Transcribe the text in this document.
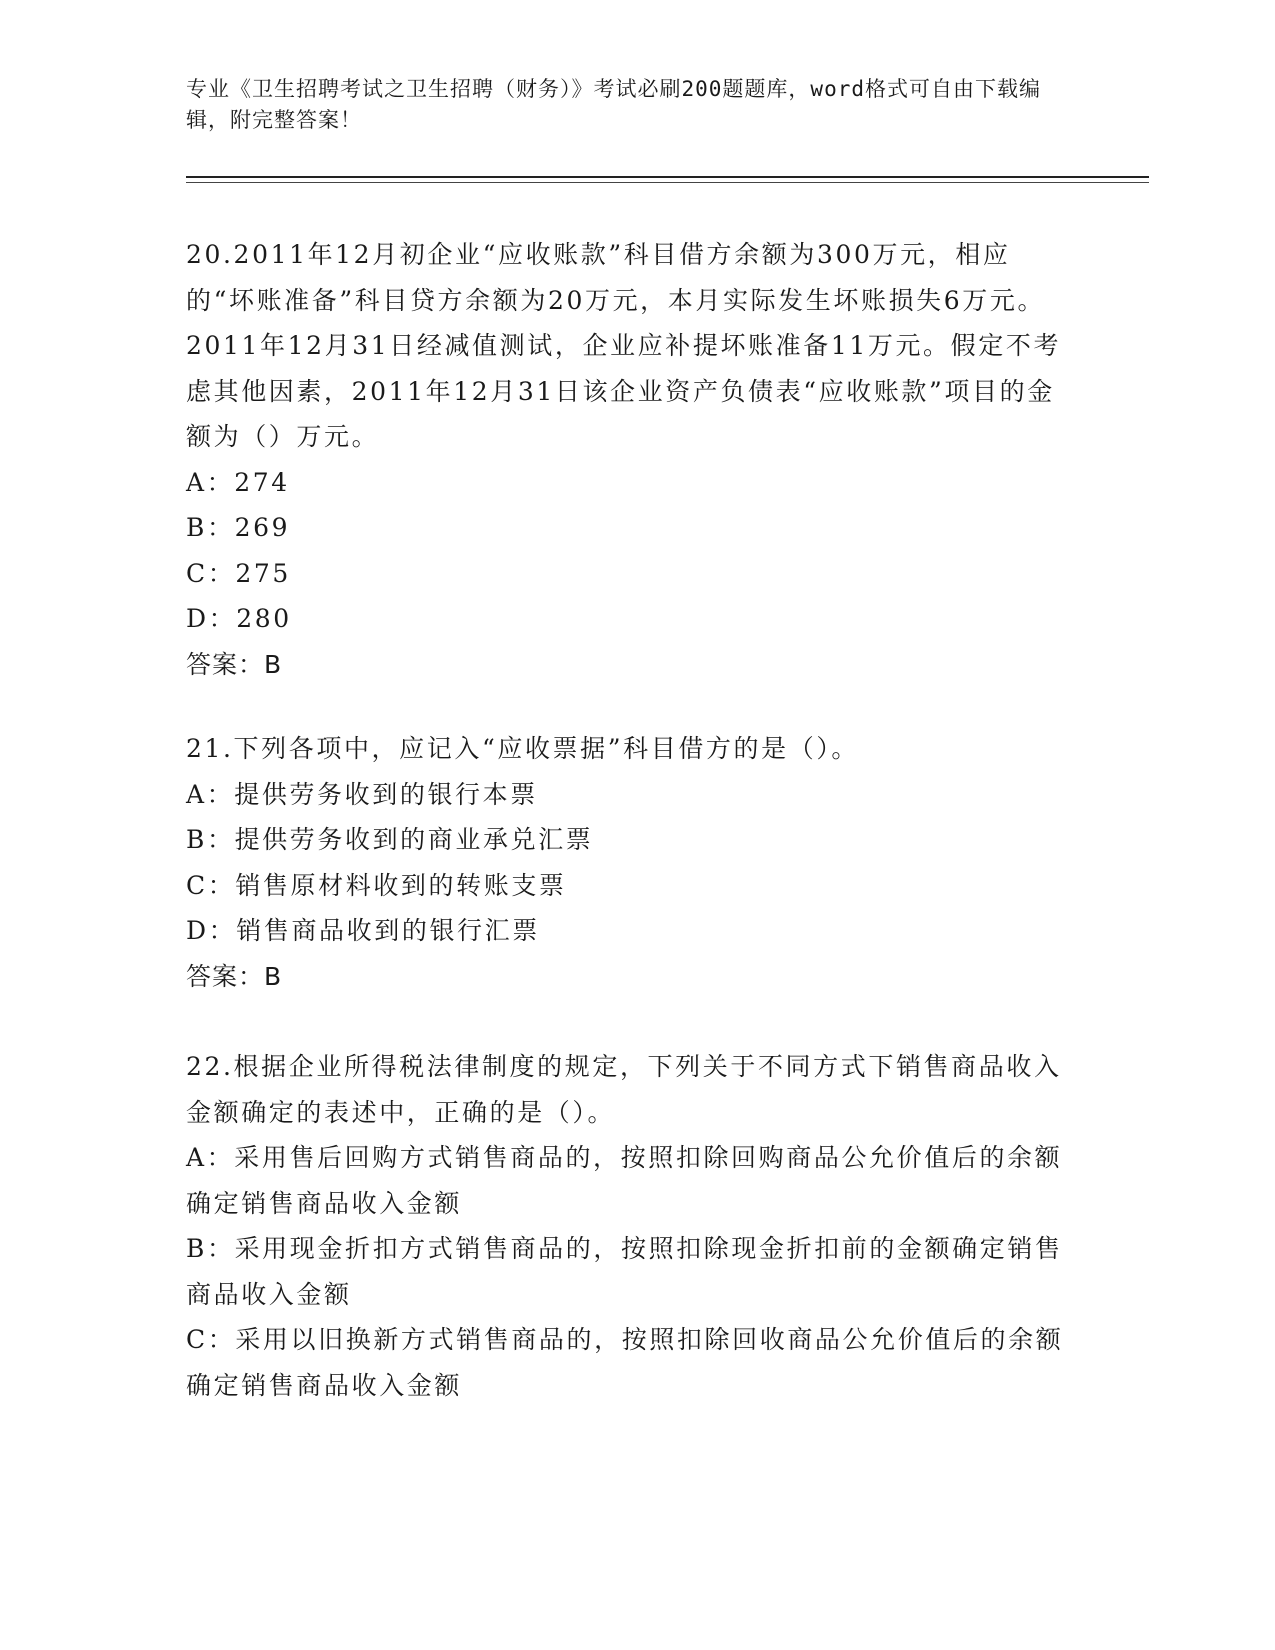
专业《卫生招聘考试之卫生招聘（财务）》考试必刷200题题库，word格式可自由下载编辑，附完整答案！

20.2011年12月初企业“应收账款”科目借方余额为300万元，相应的“坏账准备”科目贷方余额为20万元，本月实际发生坏账损失6万元。2011年12月31日经减值测试，企业应补提坏账准备11万元。假定不考虑其他因素，2011年12月31日该企业资产负债表“应收账款”项目的金额为（）万元。

A：274

B：269

C：275

D：280

答案：B

21.下列各项中，应记入“应收票据”科目借方的是（）。

A：提供劳务收到的银行本票

B：提供劳务收到的商业承兑汇票

C：销售原材料收到的转账支票

D：销售商品收到的银行汇票

答案：B

22.根据企业所得税法律制度的规定，下列关于不同方式下销售商品收入金额确定的表述中，正确的是（）。

A：采用售后回购方式销售商品的，按照扣除回购商品公允价值后的余额确定销售商品收入金额

B：采用现金折扣方式销售商品的，按照扣除现金折扣前的金额确定销售商品收入金额

C：采用以旧换新方式销售商品的，按照扣除回收商品公允价值后的余额确定销售商品收入金额
